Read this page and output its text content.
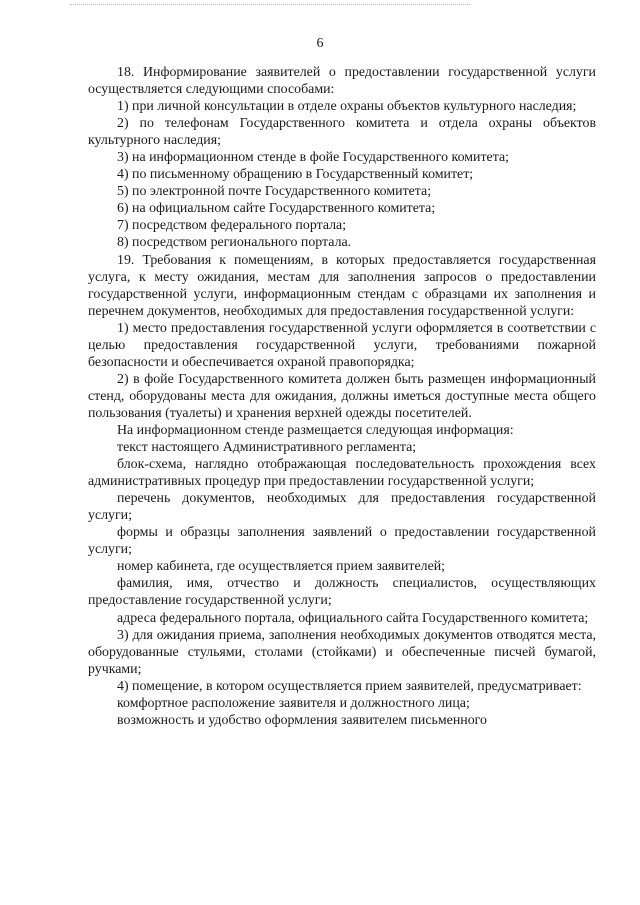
6

18. Информирование заявителей о предоставлении государственной услуги осуществляется следующими способами:

1) при личной консультации в отделе охраны объектов культурного наследия;

2) по телефонам Государственного комитета и отдела охраны объектов культурного наследия;

3) на информационном стенде в фойе Государственного комитета;

4) по письменному обращению в Государственный комитет;

5) по электронной почте Государственного комитета;

6) на официальном сайте Государственного комитета;

7) посредством федерального портала;

8) посредством регионального портала.

19. Требования к помещениям, в которых предоставляется государственная услуга, к месту ожидания, местам для заполнения запросов о предоставлении государственной услуги, информационным стендам с образцами их заполнения и перечнем документов, необходимых для предоставления государственной услуги:

1) место предоставления государственной услуги оформляется в соответствии с целью предоставления государственной услуги, требованиями пожарной безопасности и обеспечивается охраной правопорядка;

2) в фойе Государственного комитета должен быть размещен информационный стенд, оборудованы места для ожидания, должны иметься доступные места общего пользования (туалеты) и хранения верхней одежды посетителей.

На информационном стенде размещается следующая информация:

текст настоящего Административного регламента;

блок-схема, наглядно отображающая последовательность прохождения всех административных процедур при предоставлении государственной услуги;

перечень документов, необходимых для предоставления государственной услуги;

формы и образцы заполнения заявлений о предоставлении государственной услуги;

номер кабинета, где осуществляется прием заявителей;

фамилия, имя, отчество и должность специалистов, осуществляющих предоставление государственной услуги;

адреса федерального портала, официального сайта Государственного комитета;

3) для ожидания приема, заполнения необходимых документов отводятся места, оборудованные стульями, столами (стойками) и обеспеченные писчей бумагой, ручками;

4) помещение, в котором осуществляется прием заявителей, предусматривает:

комфортное расположение заявителя и должностного лица;

возможность и удобство оформления заявителем письменного
